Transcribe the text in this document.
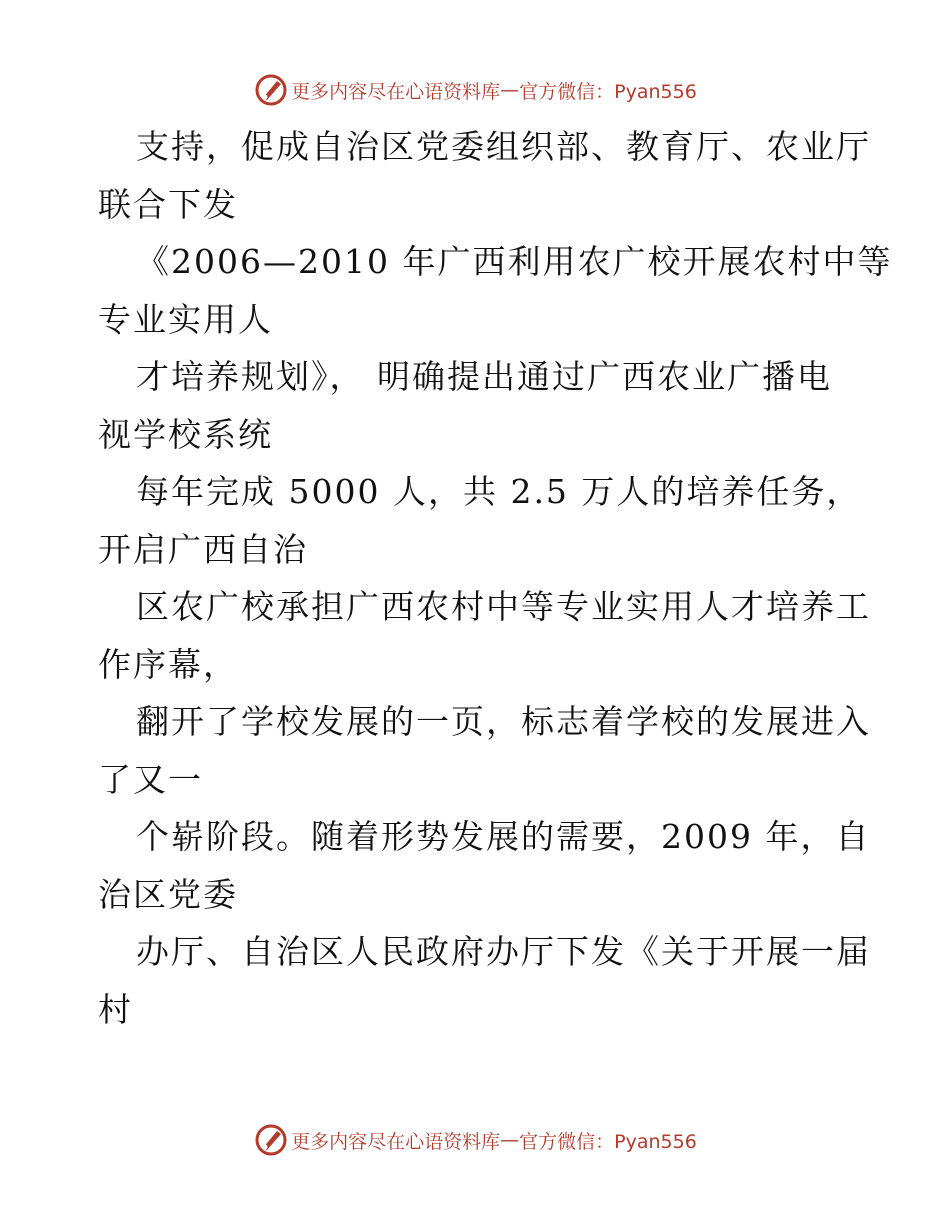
更多内容尽在心语资料库 — 官方微信：Pyan556

支持，促成自治区党委组织部、教育厅、农业厅

联合下发

《2006—2010 年广西利用农广校开展农村中等

专业实用人

才培养规划》， 明确提出通过广西农业广播电

视学校系统

每年完成 5000 人，共 2.5 万人的培养任务，

开启广西自治

区农广校承担广西农村中等专业实用人才培养工

作序幕，

翻开了学校发展的一页，标志着学校的发展进入

了又一

个崭阶段。随着形势发展的需要，2009 年，自

治区党委

办厅、自治区人民政府办厅下发《关于开展一届

村

更多内容尽在心语资料库 — 官方微信：Pyan556
